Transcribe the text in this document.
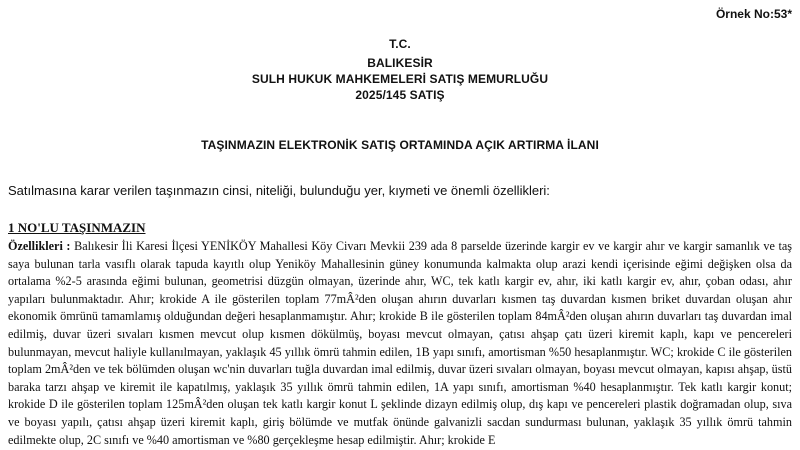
Örnek No:53*
T.C.
BALIKESİR
SULH HUKUK MAHKEMELERİ SATIŞ MEMURLUĞU
2025/145 SATIŞ
TAŞINMAZIN ELEKTRONİK SATIŞ ORTAMINDA AÇIK ARTIRMA İLANI
Satılmasına karar verilen taşınmazın cinsi, niteliği, bulunduğu yer, kıymeti ve önemli özellikleri:
1 NO'LU TAŞINMAZIN

Özellikleri : Balıkesir İli Karesi İlçesi YENİKÖY Mahallesi Köy Civarı Mevkii 239 ada 8 parselde üzerinde kargir ev ve kargir ahır ve kargir samanlık ve taş saya bulunan tarla vasıflı olarak tapuda kayıtlı olup Yeniköy Mahallesinin güney konumunda kalmakta olup arazi kendi içerisinde eğimi değişken olsa da ortalama %2-5 arasında eğimi bulunan, geometrisi düzgün olmayan, üzerinde ahır, WC, tek katlı kargir ev, ahır, iki katlı kargir ev, ahır, çoban odası, ahır yapıları bulunmaktadır. Ahır; krokide A ile gösterilen toplam 77mÂ²den oluşan ahırın duvarları kısmen taş duvardan kısmen briket duvardan oluşan ahır ekonomik ömrünü tamamlamış olduğundan değeri hesaplanmamıştır. Ahır; krokide B ile gösterilen toplam 84mÂ²den oluşan ahırın duvarları taş duvardan imal edilmiş, duvar üzeri sıvaları kısmen mevcut olup kısmen dökülmüş, boyası mevcut olmayan, çatısı ahşap çatı üzeri kiremit kaplı, kapı ve pencereleri bulunmayan, mevcut haliyle kullanılmayan, yaklaşık 45 yıllık ömrü tahmin edilen, 1B yapı sınıfı, amortisman %50 hesaplanmıştır. WC; krokide C ile gösterilen toplam 2mÂ²den ve tek bölümden oluşan wc'nin duvarları tuğla duvardan imal edilmiş, duvar üzeri sıvaları olmayan, boyası mevcut olmayan, kapısı ahşap, üstü baraka tarzı ahşap ve kiremit ile kapatılmış, yaklaşık 35 yıllık ömrü tahmin edilen, 1A yapı sınıfı, amortisman %40 hesaplanmıştır. Tek katlı kargir konut; krokide D ile gösterilen toplam 125mÂ²den oluşan tek katlı kargir konut L şeklinde dizayn edilmiş olup, dış kapı ve pencereleri plastik doğramadan olup, sıva ve boyası yapılı, çatısı ahşap üzeri kiremit kaplı, giriş bölümde ve mutfak önünde galvanizli sacdan sundurması bulunan, yaklaşık 35 yıllık ömrü tahmin edilmekte olup, 2C sınıfı ve %40 amortisman ve %80 gerçekleşme hesap edilmiştir. Ahır; krokide E
